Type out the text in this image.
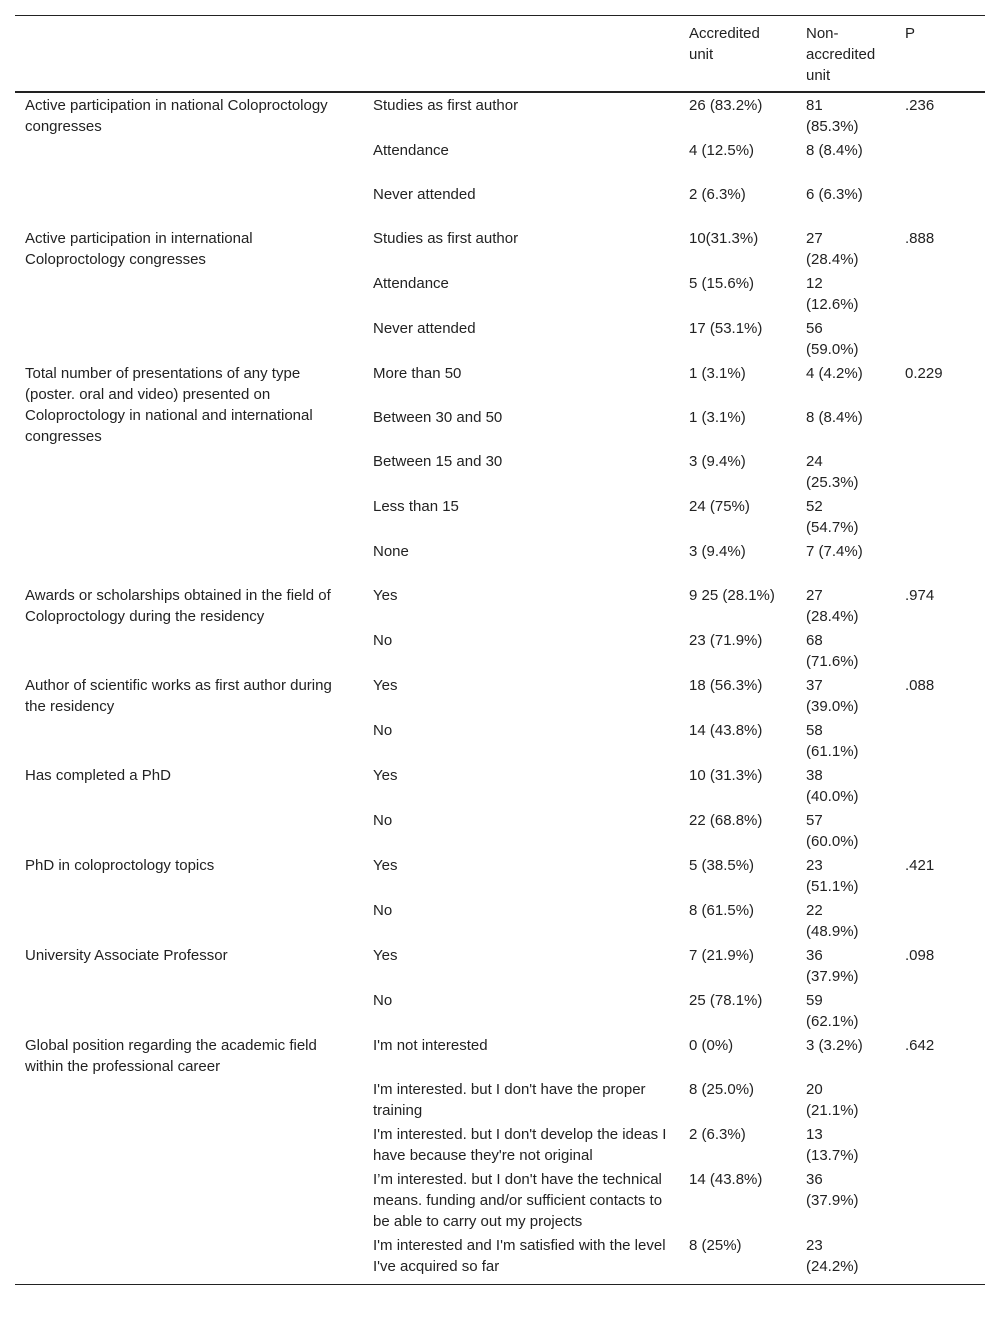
		Accredited unit	Non-accredited unit	P
Active participation in national Coloproctology congresses	Studies as first author	26 (83.2%)	81 (85.3%)	.236
	Attendance	4 (12.5%)	8 (8.4%)	
	Never attended	2 (6.3%)	6 (6.3%)	
Active participation in international Coloproctology congresses	Studies as first author	10(31.3%)	27 (28.4%)	.888
	Attendance	5 (15.6%)	12 (12.6%)	
	Never attended	17 (53.1%)	56 (59.0%)	
Total number of presentations of any type (poster. oral and video) presented on Coloproctology in national and international congresses	More than 50	1 (3.1%)	4 (4.2%)	0.229
	Between 30 and 50	1 (3.1%)	8 (8.4%)	
	Between 15 and 30	3 (9.4%)	24 (25.3%)	
	Less than 15	24 (75%)	52 (54.7%)	
	None	3 (9.4%)	7 (7.4%)	
Awards or scholarships obtained in the field of Coloproctology during the residency	Yes	9 25 (28.1%)	27 (28.4%)	.974
	No	23 (71.9%)	68 (71.6%)	
Author of scientific works as first author during the residency	Yes	18 (56.3%)	37 (39.0%)	.088
	No	14 (43.8%)	58 (61.1%)	
Has completed a PhD	Yes	10 (31.3%)	38 (40.0%)	
	No	22 (68.8%)	57 (60.0%)	
PhD in coloproctology topics	Yes	5 (38.5%)	23 (51.1%)	.421
	No	8 (61.5%)	22 (48.9%)	
University Associate Professor	Yes	7 (21.9%)	36 (37.9%)	.098
	No	25 (78.1%)	59 (62.1%)	
Global position regarding the academic field within the professional career	I'm not interested	0 (0%)	3 (3.2%)	.642
	I'm interested. but I don't have the proper training	8 (25.0%)	20 (21.1%)	
	I'm interested. but I don't develop the ideas I have because they're not original	2 (6.3%)	13 (13.7%)	
	I’m interested. but I don't have the technical means. funding and/or sufficient contacts to be able to carry out my projects	14 (43.8%)	36 (37.9%)	
	I'm interested and I'm satisfied with the level I've acquired so far	8 (25%)	23 (24.2%)	
